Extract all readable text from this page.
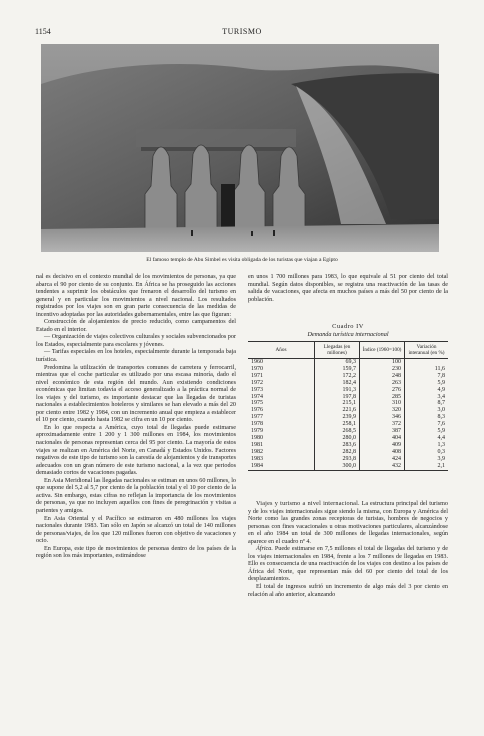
1154	TURISMO
El famoso templo de Abu Simbel es visita obligada de los turistas que viajan a Egipto

nal es decisivo en el contexto mundial de los movimientos de personas, ya que abarca el 90 por ciento de su conjunto. En África se ha proseguido las acciones tendentes a suprimir los obstáculos que frenaron el desarrollo del turismo en general y en particular los movimientos a nivel nacional. Los resultados registrados por los viajes son en gran parte consecuencia de las medidas de incentivo adoptadas por las autoridades gubernamentales, entre las que figuran:

Construcción de alojamientos de precio reducido, como campamentos del Estado en el interior.

— Organización de viajes colectivos culturales y sociales subvencionados por los Estados, especialmente para escolares y jóvenes.

— Tarifas especiales en los hoteles, especialmente durante la temporada baja turística.

Predomina la utilización de transportes comunes de carretera y ferrocarril, mientras que el coche particular es utilizado por una escasa minoría, dado el nivel económico de esta región del mundo. Aun existiendo condiciones económicas que limitan todavía el acceso generalizado a la práctica normal de los viajes y del turismo, es importante destacar que las llegadas de turistas nacionales a establecimientos hoteleros y similares se han elevado a más del 20 por ciento entre 1982 y 1984, con un incremento anual que empieza a establecer el 10 por ciento, cuando hasta 1982 se cifra en un 10 por ciento.

En lo que respecta a América, cuyo total de llegadas puede estimarse aproximadamente entre 1 200 y 1 300 millones en 1984, los movimientos nacionales de personas representan cerca del 95 por ciento. La mayoría de estos viajes se realizan en América del Norte, en Canadá y Estados Unidos. Factores negativos de este tipo de turismo son la carestía de alojamientos y de transportes adecuados con un gran número de este turismo nacional, a la vez que periodos demasiado cortos de vacaciones pagadas.

En Asia Meridional las llegadas nacionales se estiman en unos 60 millones, lo que supone del 5,2 al 5,7 por ciento de la población total y el 10 por ciento de la activa. Sin embargo, estas cifras no reflejan la importancia de los movimientos de personas, ya que no incluyen aquellos con fines de peregrinación y visitas a parientes y amigos.

En Asia Oriental y el Pacífico se estimaron en 480 millones los viajes nacionales durante 1983. Tan sólo en Japón se alcanzó un total de 140 millones de personas/viajes, de los que 120 millones fueron con objetivo de vacaciones y ocio.

En Europa, este tipo de movimientos de personas dentro de los países de la región son los más importantes, estimándose

en unos 1 700 millones para 1983, lo que equivale al 51 por ciento del total mundial. Según datos disponibles, se registra una reactivación de las tasas de salida de vacaciones, que afecta en muchos países a más del 50 por ciento de la población.

Cuadro IV
Demanda turística internacional
Años	Llegadas (en millones)	Índice (1960=100)	Variación interanual (en %)
1960	69,3	100	
1970	159,7	230	11,6
1971	172,2	248	7,8
1972	182,4	263	5,9
1973	191,3	276	4,9
1974	197,8	285	3,4
1975	215,1	310	8,7
1976	221,6	320	3,0
1977	239,9	346	8,3
1978	258,1	372	7,6
1979	268,5	387	5,9
1980	280,0	404	4,4
1981	283,6	409	1,3
1982	282,8	408	0,3
1983	293,8	424	3,9
1984	300,0	432	2,1

Viajes y turismo a nivel internacional. La estructura principal del turismo y de los viajes internacionales sigue siendo la misma, con Europa y América del Norte como las grandes zonas receptoras de turistas, hombres de negocios y personas con fines vacacionales u otras motivaciones particulares, alcanzándose en el año 1984 un total de 300 millones de llegadas internacionales, según aparece en el cuadro nº 4.

África. Puede estimarse en 7,5 millones el total de llegadas del turismo y de los viajes internacionales en 1984, frente a los 7 millones de llegadas en 1983. Ello es consecuencia de una reactivación de los viajes con destino a los países de África del Norte, que representan más del 60 por ciento del total de los desplazamientos.

El total de ingresos sufrió un incremento de algo más del 3 por ciento en relación al año anterior, alcanzando
